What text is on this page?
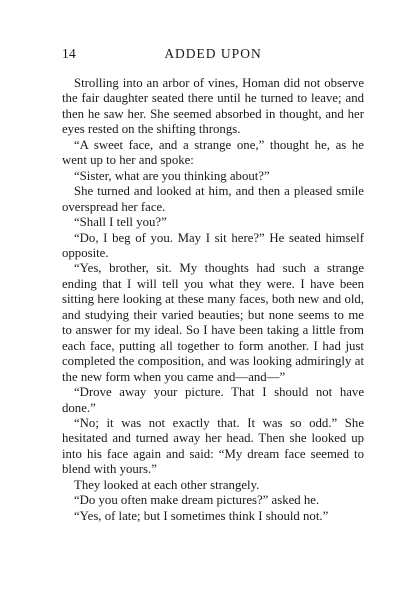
14	ADDED UPON

Strolling into an arbor of vines, Homan did not observe the fair daughter seated there until he turned to leave; and then he saw her. She seemed absorbed in thought, and her eyes rested on the shifting throngs.

“A sweet face, and a strange one,” thought he, as he went up to her and spoke:

“Sister, what are you thinking about?”

She turned and looked at him, and then a pleased smile overspread her face.

“Shall I tell you?”

“Do, I beg of you. May I sit here?” He seated himself opposite.

“Yes, brother, sit. My thoughts had such a strange ending that I will tell you what they were. I have been sitting here looking at these many faces, both new and old, and studying their varied beauties; but none seems to me to answer for my ideal. So I have been taking a little from each face, putting all together to form another. I had just completed the composition, and was looking admiringly at the new form when you came and—and—”

“Drove away your picture. That I should not have done.”

“No; it was not exactly that. It was so odd.” She hesitated and turned away her head. Then she looked up into his face again and said: “My dream face seemed to blend with yours.”

They looked at each other strangely.

“Do you often make dream pictures?” asked he.

“Yes, of late; but I sometimes think I should not.”
